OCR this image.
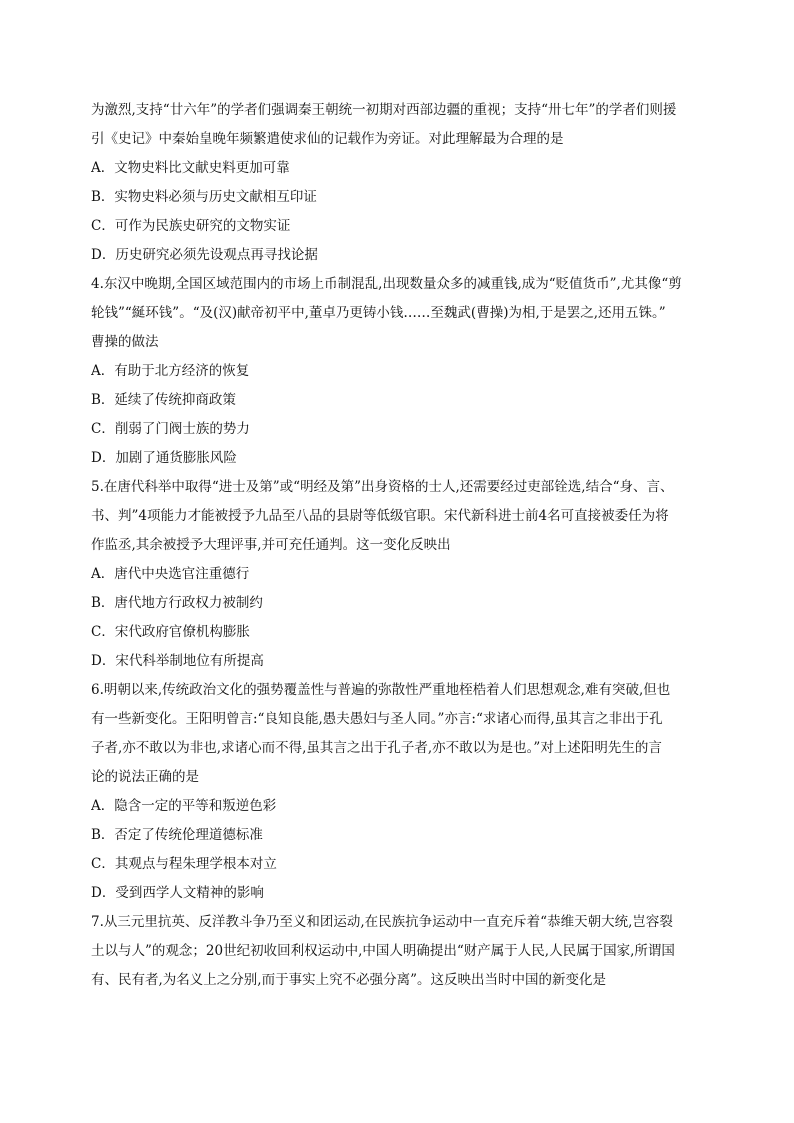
为激烈,支持“廿六年”的学者们强调秦王朝统一初期对西部边疆的重视；支持“卅七年”的学者们则援
引《史记》中秦始皇晚年频繁遣使求仙的记载作为旁证。对此理解最为合理的是
A．文物史料比文献史料更加可靠
B．实物史料必须与历史文献相互印证
C．可作为民族史研究的文物实证
D．历史研究必须先设观点再寻找论据
4.东汉中晚期,全国区域范围内的市场上币制混乱,出现数量众多的减重钱,成为“贬值货币”,尤其像“剪
轮钱”“綖环钱”。“及(汉)献帝初平中,董卓乃更铸小钱……至魏武(曹操)为相,于是罢之,还用五铢。”
曹操的做法
A．有助于北方经济的恢复
B．延续了传统抑商政策
C．削弱了门阀士族的势力
D．加剧了通货膨胀风险
5.在唐代科举中取得“进士及第”或“明经及第”出身资格的士人,还需要经过吏部铨选,结合“身、言、
书、判”4项能力才能被授予九品至八品的县尉等低级官职。宋代新科进士前4名可直接被委任为将
作监丞,其余被授予大理评事,并可充任通判。这一变化反映出
A．唐代中央选官注重德行
B．唐代地方行政权力被制约
C．宋代政府官僚机构膨胀
D．宋代科举制地位有所提高
6.明朝以来,传统政治文化的强势覆盖性与普遍的弥散性严重地桎梏着人们思想观念,难有突破,但也
有一些新变化。王阳明曾言:“良知良能,愚夫愚妇与圣人同。”亦言:“求诸心而得,虽其言之非出于孔
子者,亦不敢以为非也,求诸心而不得,虽其言之出于孔子者,亦不敢以为是也。”对上述阳明先生的言
论的说法正确的是
A．隐含一定的平等和叛逆色彩
B．否定了传统伦理道德标准
C．其观点与程朱理学根本对立
D．受到西学人文精神的影响
7.从三元里抗英、反洋教斗争乃至义和团运动,在民族抗争运动中一直充斥着“恭维天朝大统,岂容裂
土以与人”的观念；20世纪初收回利权运动中,中国人明确提出“财产属于人民,人民属于国家,所谓国
有、民有者,为名义上之分别,而于事实上究不必强分离”。这反映出当时中国的新变化是
